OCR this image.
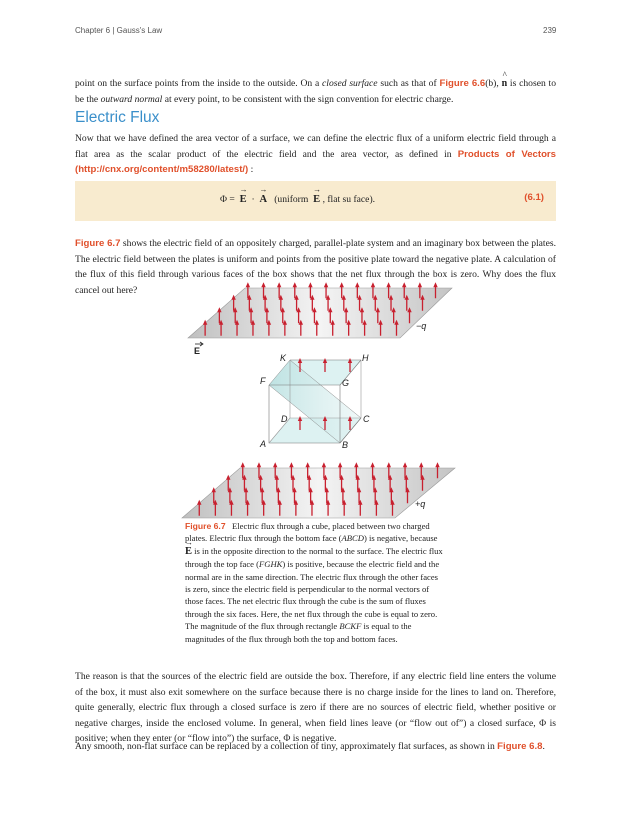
Chapter 6 | Gauss's Law	239
point on the surface points from the inside to the outside. On a closed surface such as that of Figure 6.6(b), ^ n is chosen to be the outward normal at every point, to be consistent with the sign convention for electric charge.
Electric Flux
Now that we have defined the area vector of a surface, we can define the electric flux of a uniform electric field through a flat area as the scalar product of the electric field and the area vector, as defined in Products of Vectors (http://cnx.org/content/m58280/latest/) :
Φ = → E · → A (uniform → E , flat su face).	(6.1)
Figure 6.7 shows the electric field of an oppositely charged, parallel-plate system and an imaginary box between the plates. The electric field between the plates is uniform and points from the positive plate toward the negative plate. A calculation of the flux of this field through various faces of the box shows that the net flux through the box is zero. Why does the flux cancel out here?
−q
+q
K	H
F	G
D	C
A	B
E
Figure 6.7 Electric flux through a cube, placed between two charged plates. Electric flux through the bottom face (ABCD) is negative, because → E is in the opposite direction to the normal to the surface. The electric flux through the top face (FGHK) is positive, because the electric field and the normal are in the same direction. The electric flux through the other faces is zero, since the electric field is perpendicular to the normal vectors of those faces. The net electric flux through the cube is the sum of fluxes through the six faces. Here, the net flux through the cube is equal to zero. The magnitude of the flux through rectangle BCKF is equal to the magnitudes of the flux through both the top and bottom faces.
The reason is that the sources of the electric field are outside the box. Therefore, if any electric field line enters the volume of the box, it must also exit somewhere on the surface because there is no charge inside for the lines to land on. Therefore, quite generally, electric flux through a closed surface is zero if there are no sources of electric field, whether positive or negative charges, inside the enclosed volume. In general, when field lines leave (or “flow out of”) a closed surface, Φ is positive; when they enter (or “flow into”) the surface, Φ is negative.
Any smooth, non-flat surface can be replaced by a collection of tiny, approximately flat surfaces, as shown in Figure 6.8.
